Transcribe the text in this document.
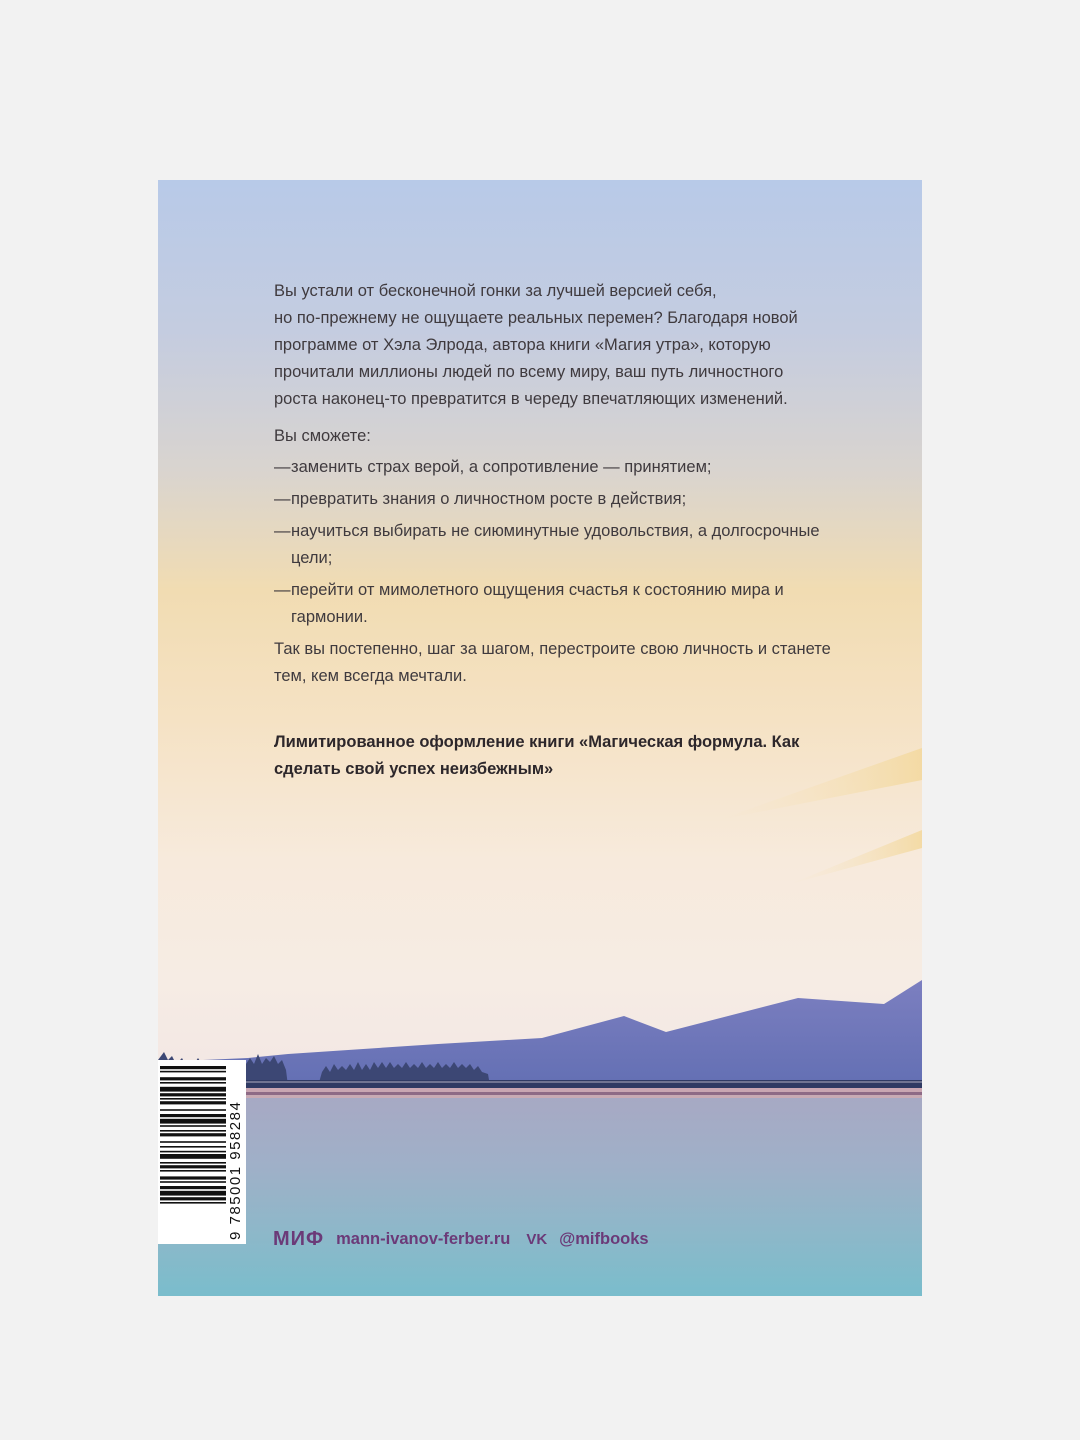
Вы устали от бесконечной гонки за лучшей версией себя,
но по-прежнему не ощущаете реальных перемен? Благодаря новой
программе от Хэла Элрода, автора книги «Магия утра», которую
прочитали миллионы людей по всему миру, ваш путь личностного
роста наконец-то превратится в череду впечатляющих изменений.

Вы сможете:

— заменить страх верой, а сопротивление — принятием;
— превратить знания о личностном росте в действия;
— научиться выбирать не сиюминутные удовольствия, а долгосрочные цели;
— перейти от мимолетного ощущения счастья к состоянию мира и гармонии.

Так вы постепенно, шаг за шагом, перестроите свою личность и станете тем, кем всегда мечтали.

Лимитированное оформление книги «Магическая формула. Как сделать свой успех неизбежным»
9 785001 958284 МИФ mann-ivanov-ferber.ru VK @mifbooks
